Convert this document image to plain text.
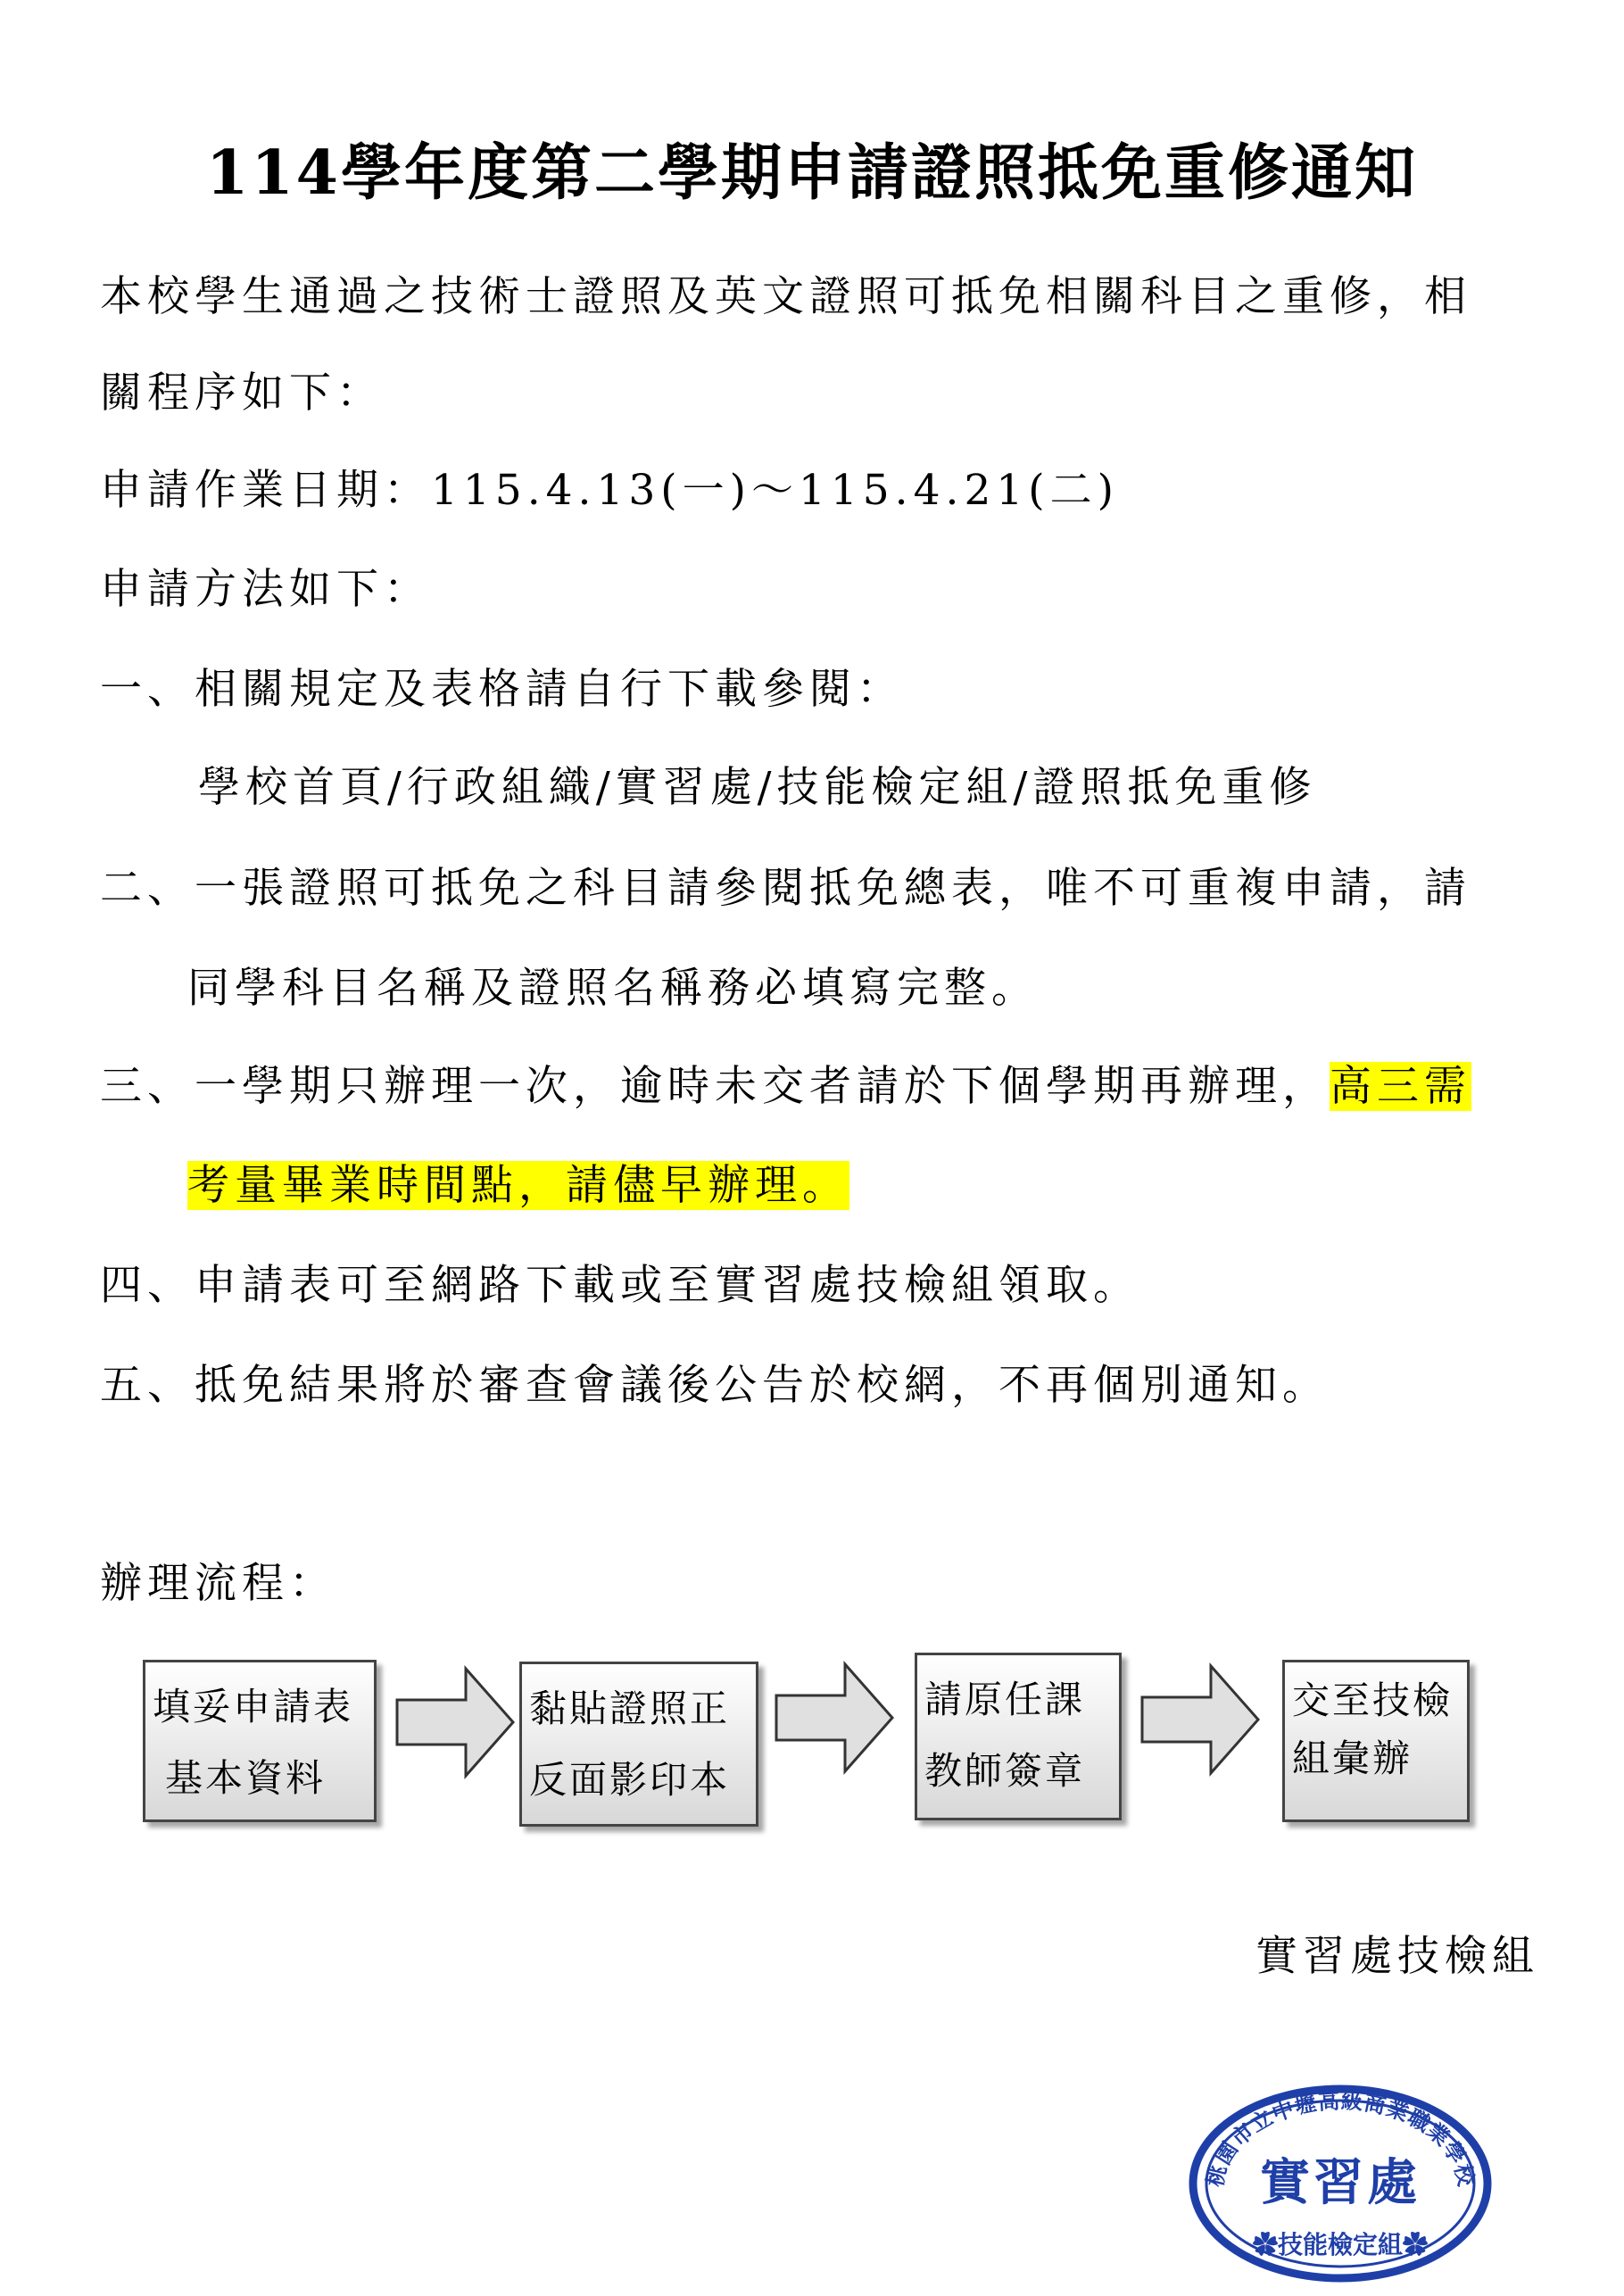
114學年度第二學期申請證照抵免重修通知

本校學生通過之技術士證照及英文證照可抵免相關科目之重修，相

關程序如下：

申請作業日期：115.4.13(一)～115.4.21(二)

申請方法如下：

一、相關規定及表格請自行下載參閱：

學校首頁/行政組織/實習處/技能檢定組/證照抵免重修

二、一張證照可抵免之科目請參閱抵免總表，唯不可重複申請，請

同學科目名稱及證照名稱務必填寫完整。

三、一學期只辦理一次，逾時未交者請於下個學期再辦理，高三需

考量畢業時間點，請儘早辦理。

四、申請表可至網路下載或至實習處技檢組領取。

五、抵免結果將於審查會議後公告於校網，不再個別通知。

辦理流程：

填妥申請表
基本資料
黏貼證照正
反面影印本
請原任課
教師簽章
交至技檢
組彙辦
實習處技檢組
桃園市立中壢高級商業職業學校
實習處
✿技能檢定組✿
